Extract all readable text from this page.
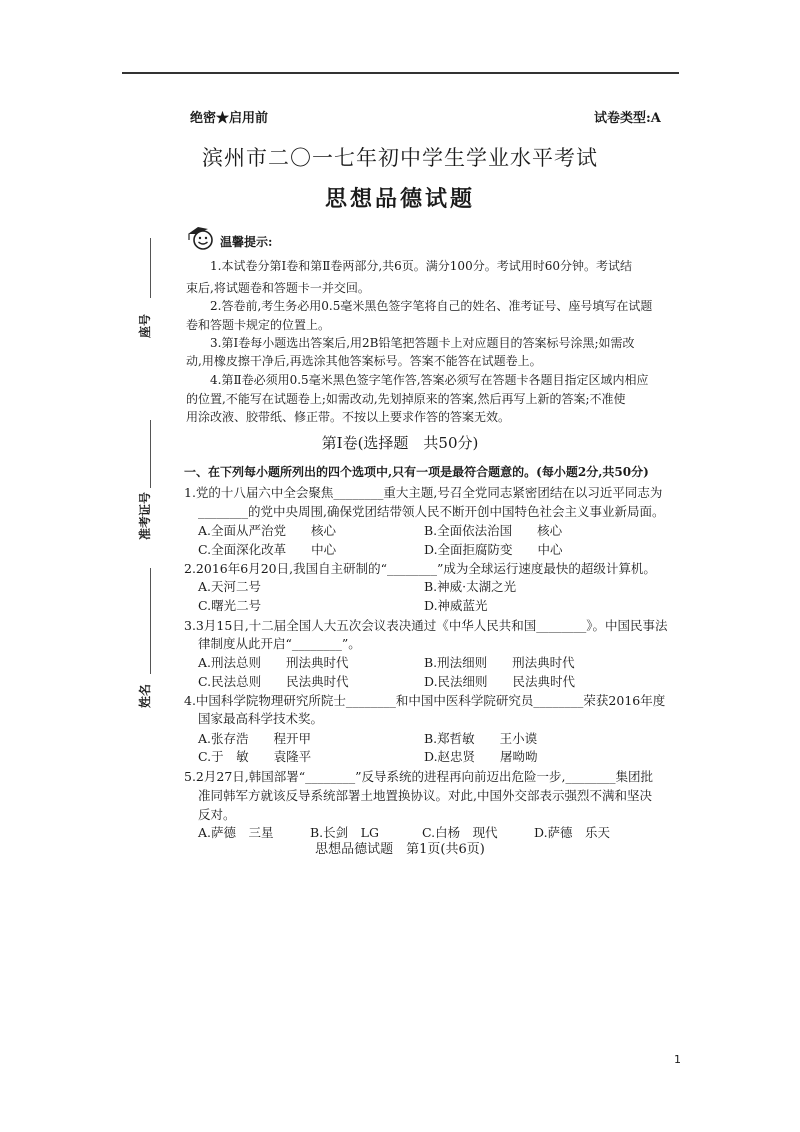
绝密★启用前	试卷类型:A
滨州市二〇一七年初中学生学业水平考试
思想品德试题
温馨提示:
1.本试卷分第Ⅰ卷和第Ⅱ卷两部分,共6页。满分100分。考试用时60分钟。考试结
束后,将试题卷和答题卡一并交回。
2.答卷前,考生务必用0.5毫米黑色签字笔将自己的姓名、准考证号、座号填写在试题
卷和答题卡规定的位置上。
3.第Ⅰ卷每小题选出答案后,用2B铅笔把答题卡上对应题目的答案标号涂黑;如需改
动,用橡皮擦干净后,再选涂其他答案标号。答案不能答在试题卷上。
4.第Ⅱ卷必须用0.5毫米黑色签字笔作答,答案必须写在答题卡各题目指定区域内相应
的位置,不能写在试题卷上;如需改动,先划掉原来的答案,然后再写上新的答案;不准使
用涂改液、胶带纸、修正带。不按以上要求作答的答案无效。
第Ⅰ卷(选择题　共50分)
一、在下列每小题所列出的四个选项中,只有一项是最符合题意的。(每小题2分,共50分)
1.党的十八届六中全会聚焦________重大主题,号召全党同志紧密团结在以习近平同志为
________的党中央周围,确保党团结带领人民不断开创中国特色社会主义事业新局面。
A.全面从严治党　　核心	B.全面依法治国　　核心
C.全面深化改革　　中心	D.全面拒腐防变　　中心
2.2016年6月20日,我国自主研制的“________”成为全球运行速度最快的超级计算机。
A.天河二号	B.神威·太湖之光
C.曙光二号	D.神威蓝光
3.3月15日,十二届全国人大五次会议表决通过《中华人民共和国________》。中国民事法
律制度从此开启“________”。
A.刑法总则　　刑法典时代	B.刑法细则　　刑法典时代
C.民法总则　　民法典时代	D.民法细则　　民法典时代
4.中国科学院物理研究所院士________和中国中医科学院研究员________荣获2016年度
国家最高科学技术奖。
A.张存浩　　程开甲	B.郑哲敏　　王小谟
C.于　敏　　袁隆平	D.赵忠贤　　屠呦呦
5.2月27日,韩国部署“________”反导系统的进程再向前迈出危险一步,________集团批
准同韩军方就该反导系统部署土地置换协议。对此,中国外交部表示强烈不满和坚决
反对。
A.萨德　三星	B.长剑　LG	C.白杨　现代	D.萨德　乐天
座号
准考证号
姓名
思想品德试题　第1页(共6页)
1
